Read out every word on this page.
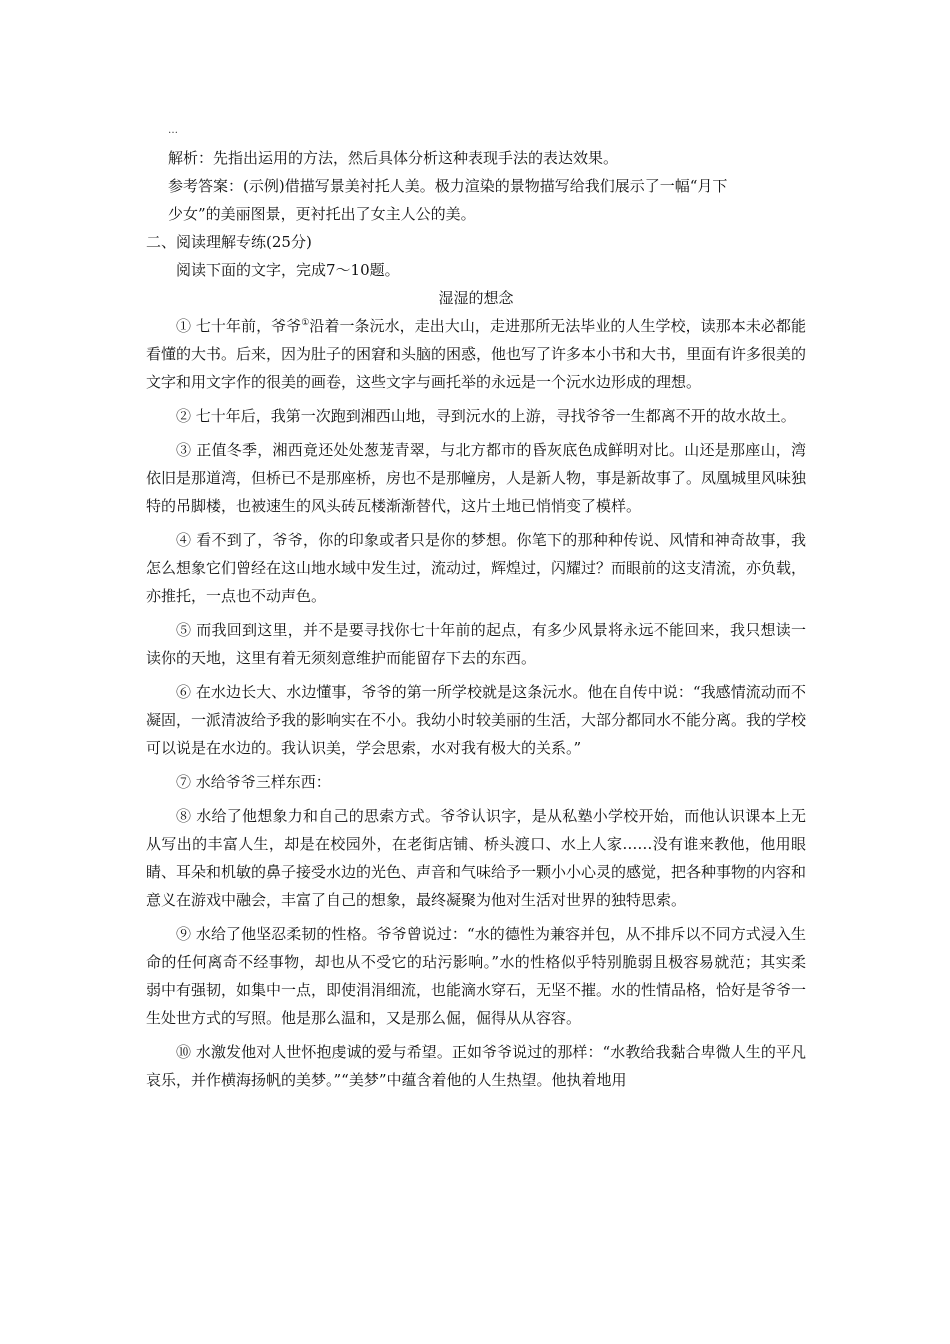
…

解析：先指出运用的方法，然后具体分析这种表现手法的表达效果。

参考答案：(示例)借描写景美衬托人美。极力渲染的景物描写给我们展示了一幅“月下

少女”的美丽图景，更衬托出了女主人公的美。

二、阅读理解专练(25分)

阅读下面的文字，完成7～10题。

湿湿的想念

① 七十年前，爷爷①沿着一条沅水，走出大山，走进那所无法毕业的人生学校，读那本未必都能看懂的大书。后来，因为肚子的困窘和头脑的困惑，他也写了许多本小书和大书，里面有许多很美的文字和用文字作的很美的画卷，这些文字与画托举的永远是一个沅水边形成的理想。

② 七十年后，我第一次跑到湘西山地，寻到沅水的上游，寻找爷爷一生都离不开的故水故土。

③ 正值冬季，湘西竟还处处葱茏青翠，与北方都市的昏灰底色成鲜明对比。山还是那座山，湾依旧是那道湾，但桥已不是那座桥，房也不是那幢房，人是新人物，事是新故事了。凤凰城里风味独特的吊脚楼，也被速生的风头砖瓦楼渐渐替代，这片土地已悄悄变了模样。

④ 看不到了，爷爷，你的印象或者只是你的梦想。你笔下的那种种传说、风情和神奇故事，我怎么想象它们曾经在这山地水域中发生过，流动过，辉煌过，闪耀过？而眼前的这支清流，亦负载，亦推托，一点也不动声色。

⑤ 而我回到这里，并不是要寻找你七十年前的起点，有多少风景将永远不能回来，我只想读一读你的天地，这里有着无须刻意维护而能留存下去的东西。

⑥ 在水边长大、水边懂事，爷爷的第一所学校就是这条沅水。他在自传中说：“我感情流动而不凝固，一派清波给予我的影响实在不小。我幼小时较美丽的生活，大部分都同水不能分离。我的学校可以说是在水边的。我认识美，学会思索，水对我有极大的关系。”

⑦ 水给爷爷三样东西：

⑧ 水给了他想象力和自己的思索方式。爷爷认识字，是从私塾小学校开始，而他认识课本上无从写出的丰富人生，却是在校园外，在老街店铺、桥头渡口、水上人家……没有谁来教他，他用眼睛、耳朵和机敏的鼻子接受水边的光色、声音和气味给予一颗小小心灵的感觉，把各种事物的内容和意义在游戏中融会，丰富了自己的想象，最终凝聚为他对生活对世界的独特思索。

⑨ 水给了他坚忍柔韧的性格。爷爷曾说过：“水的德性为兼容并包，从不排斥以不同方式浸入生命的任何离奇不经事物，却也从不受它的玷污影响。”水的性格似乎特别脆弱且极容易就范；其实柔弱中有强韧，如集中一点，即使涓涓细流，也能滴水穿石，无坚不摧。水的性情品格，恰好是爷爷一生处世方式的写照。他是那么温和，又是那么倔，倔得从从容容。

⑩ 水激发他对人世怀抱虔诚的爱与希望。正如爷爷说过的那样：“水教给我黏合卑微人生的平凡哀乐，并作横海扬帆的美梦。”“美梦”中蕴含着他的人生热望。他执着地用
